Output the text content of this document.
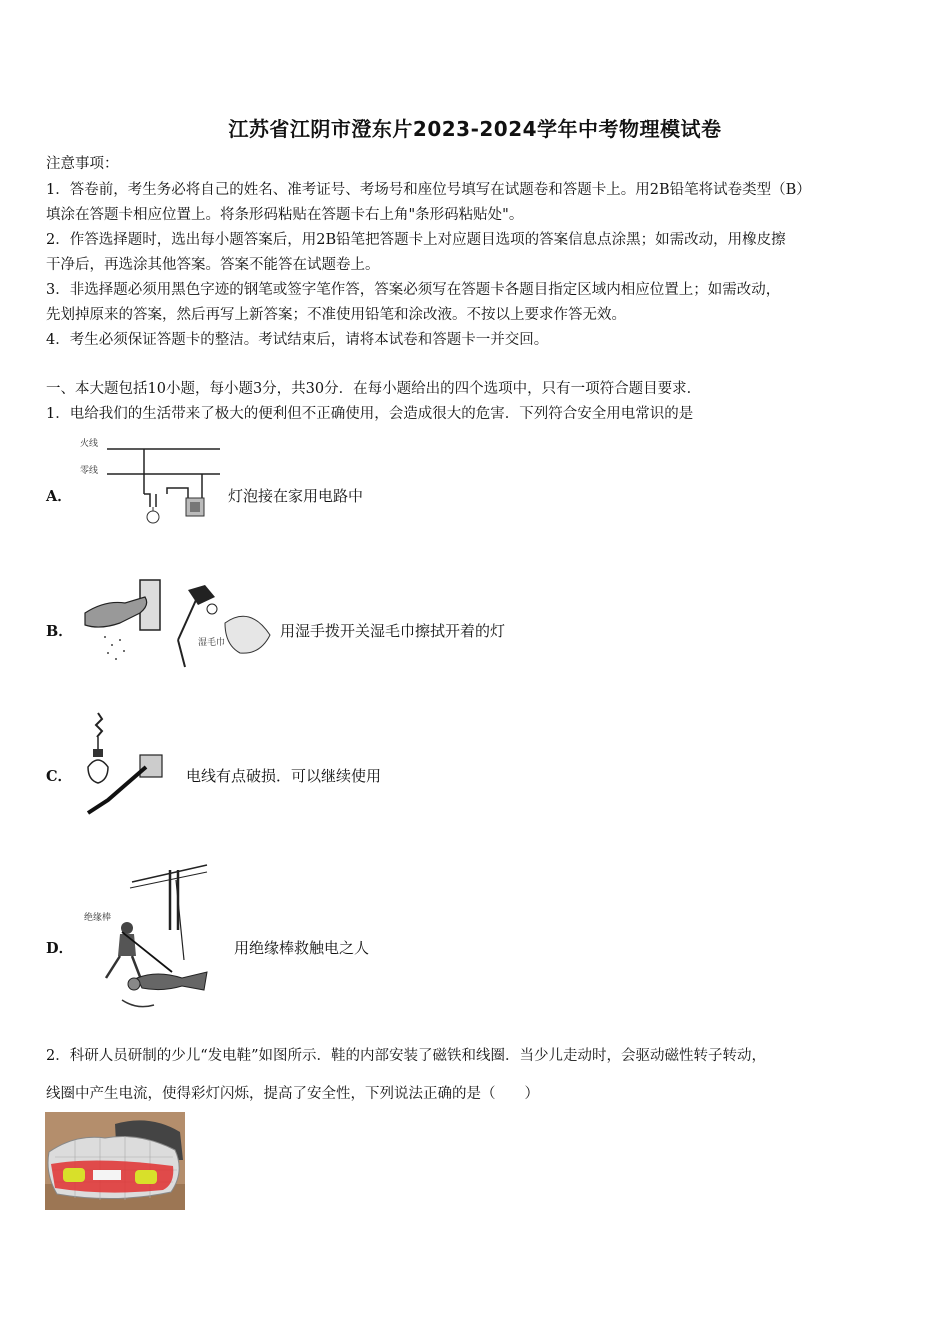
江苏省江阴市澄东片2023-2024学年中考物理模试卷
注意事项：
1．答卷前，考生务必将自己的姓名、准考证号、考场号和座位号填写在试题卷和答题卡上。用2B铅笔将试卷类型（B）
填涂在答题卡相应位置上。将条形码粘贴在答题卡右上角"条形码粘贴处"。
2．作答选择题时，选出每小题答案后，用2B铅笔把答题卡上对应题目选项的答案信息点涂黑；如需改动，用橡皮擦
干净后，再选涂其他答案。答案不能答在试题卷上。
3．非选择题必须用黑色字迹的钢笔或签字笔作答，答案必须写在答题卡各题目指定区域内相应位置上；如需改动，
先划掉原来的答案，然后再写上新答案；不准使用铅笔和涂改液。不按以上要求作答无效。
4．考生必须保证答题卡的整洁。考试结束后，请将本试卷和答题卡一并交回。
一、本大题包括10小题，每小题3分，共30分．在每小题给出的四个选项中，只有一项符合题目要求．
1．电给我们的生活带来了极大的便利但不正确使用，会造成很大的危害．下列符合安全用电常识的是
A．
火线
零线
灯泡接在家用电路中
B．
湿毛巾
用湿手拨开关湿毛巾擦拭开着的灯
C．	电线有点破损．可以继续使用
D．
绝缘棒
用绝缘棒救触电之人
2．科研人员研制的少儿“发电鞋”如图所示．鞋的内部安装了磁铁和线圈．当少儿走动时，会驱动磁性转子转动，
线圈中产生电流，使得彩灯闪烁，提高了安全性，下列说法正确的是（　　）
